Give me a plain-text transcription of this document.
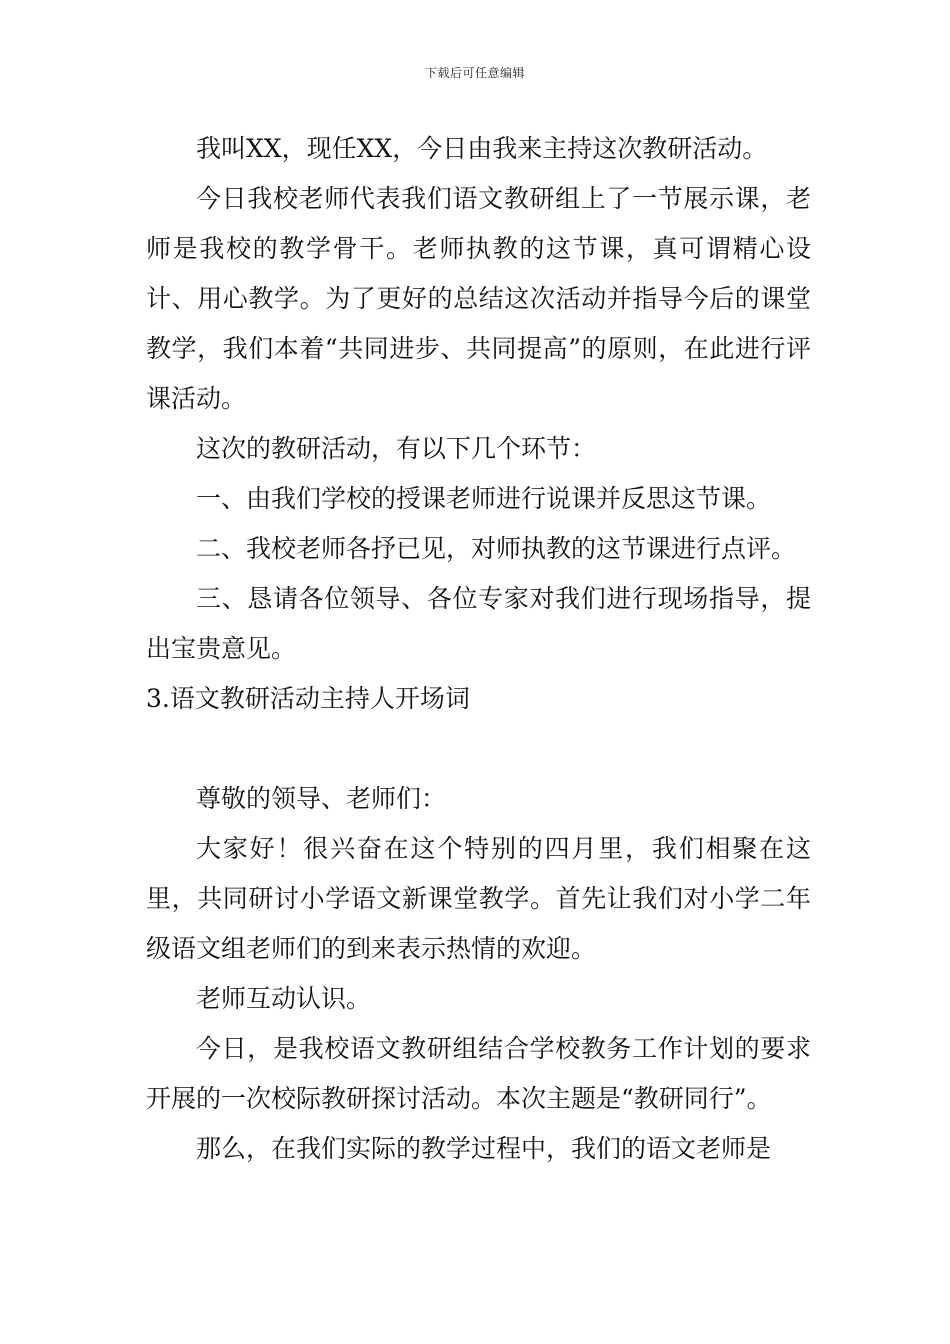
下载后可任意编辑

我叫XX，现任XX，今日由我来主持这次教研活动。

今日我校老师代表我们语文教研组上了一节展示课，老师是我校的教学骨干。老师执教的这节课，真可谓精心设计、用心教学。为了更好的总结这次活动并指导今后的课堂教学，我们本着“共同进步、共同提高”的原则，在此进行评课活动。

这次的教研活动，有以下几个环节：

一、由我们学校的授课老师进行说课并反思这节课。

二、我校老师各抒已见，对师执教的这节课进行点评。

三、恳请各位领导、各位专家对我们进行现场指导，提出宝贵意见。

3.语文教研活动主持人开场词

尊敬的领导、老师们：

大家好！很兴奋在这个特别的四月里，我们相聚在这里，共同研讨小学语文新课堂教学。首先让我们对小学二年级语文组老师们的到来表示热情的欢迎。

老师互动认识。

今日，是我校语文教研组结合学校教务工作计划的要求开展的一次校际教研探讨活动。本次主题是“教研同行”。

那么，在我们实际的教学过程中，我们的语文老师是
